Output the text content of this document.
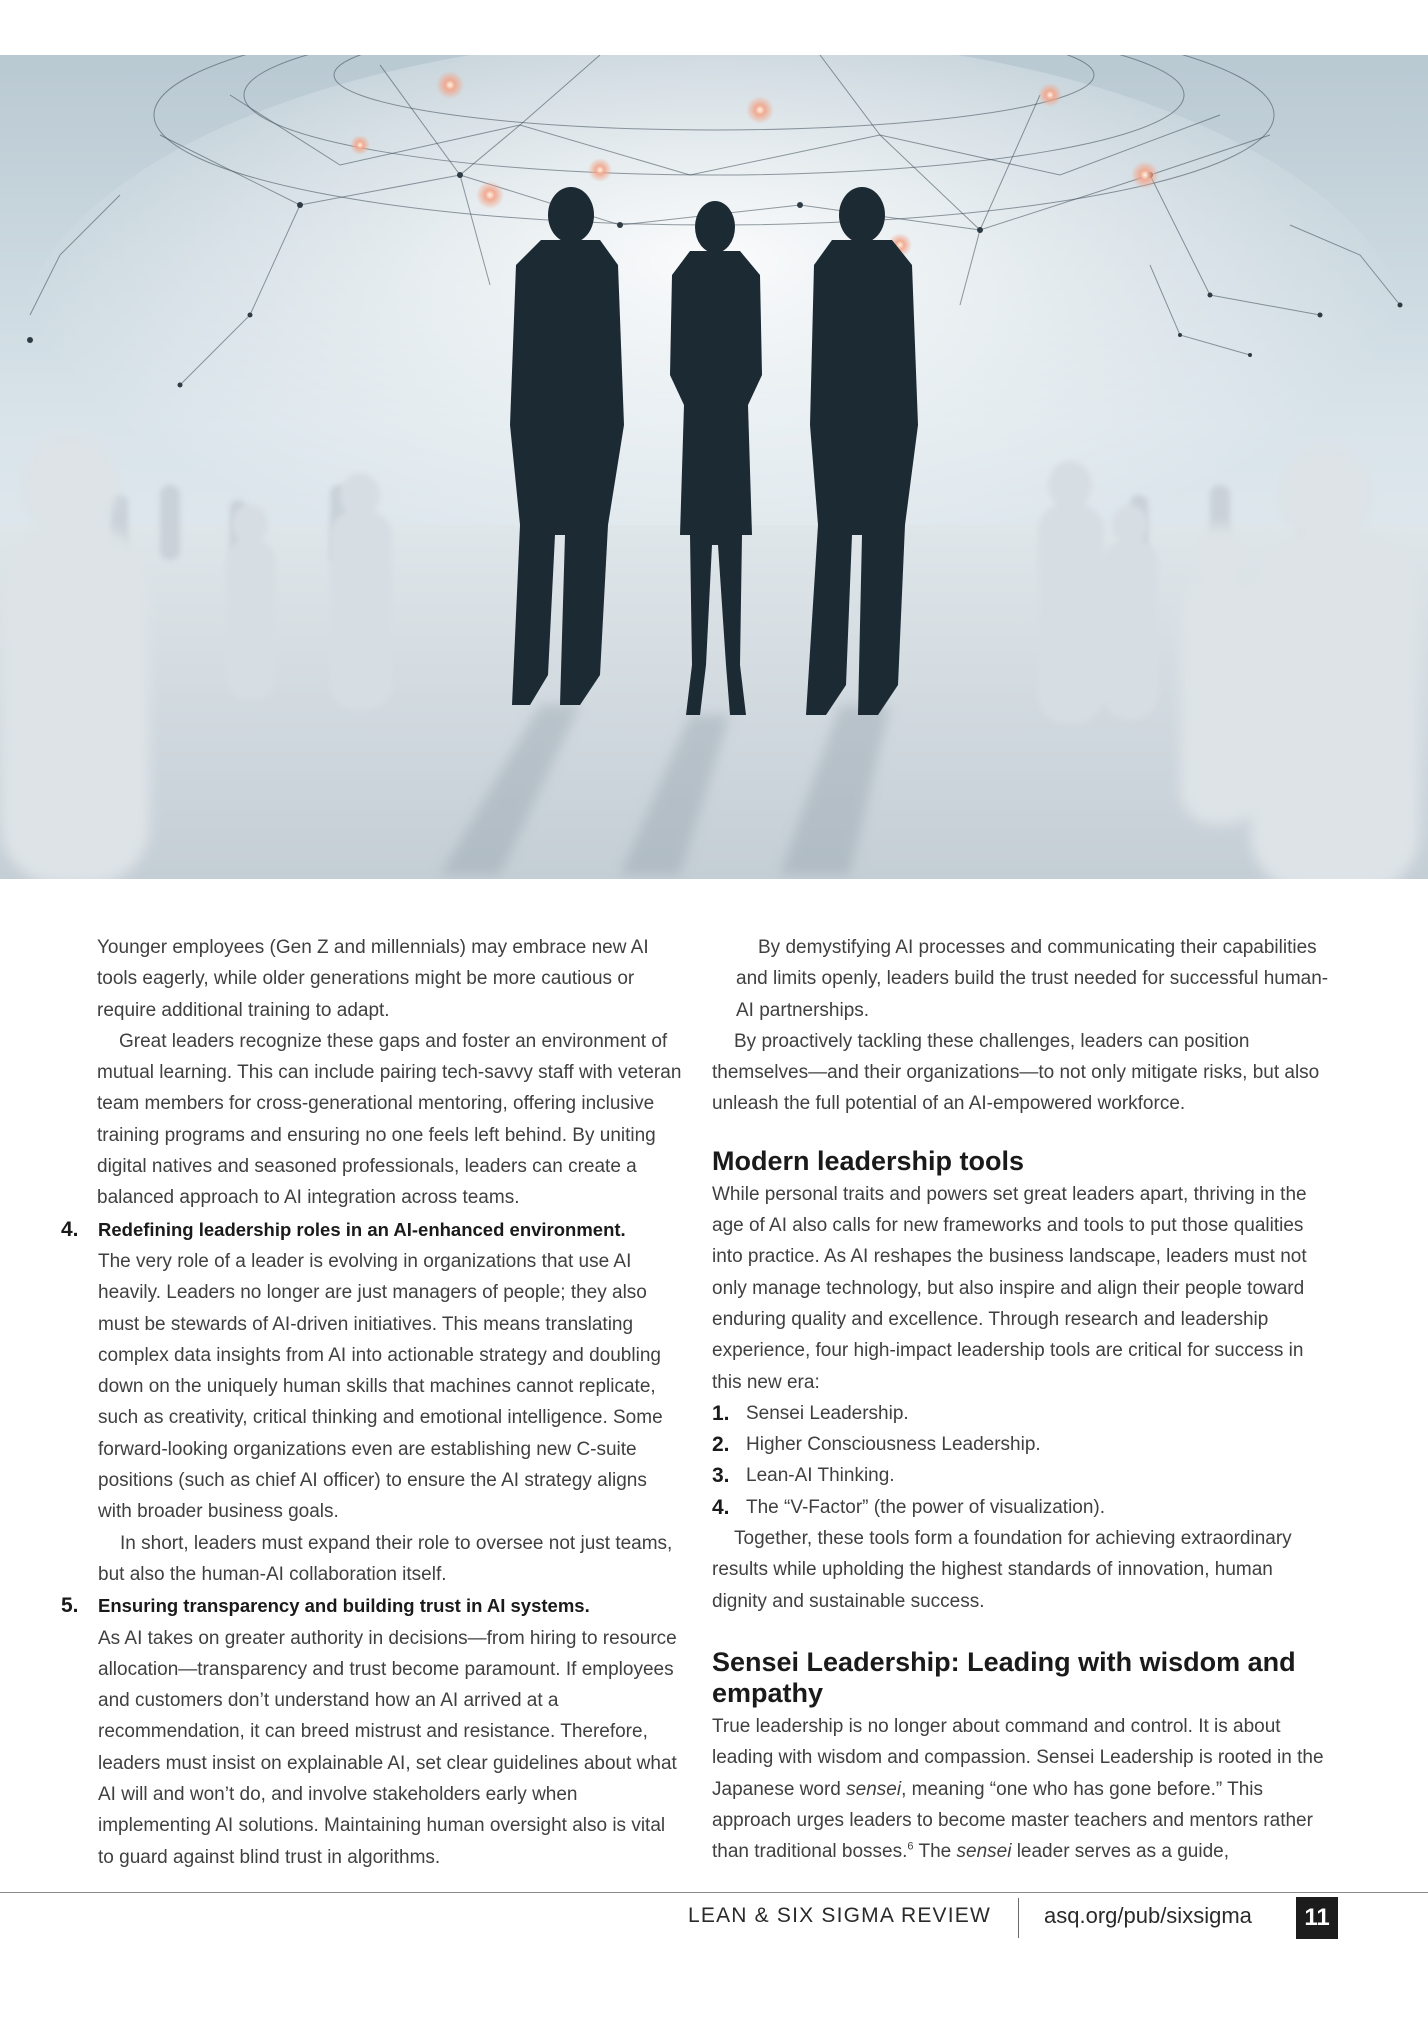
Younger employees (Gen Z and millennials) may embrace new AI tools eagerly, while older generations might be more cautious or require additional training to adapt.

Great leaders recognize these gaps and foster an environment of mutual learning. This can include pairing tech-savvy staff with veteran team members for cross-generational mentoring, offering inclusive training programs and ensuring no one feels left behind. By uniting digital natives and seasoned professionals, leaders can create a balanced approach to AI integration across teams.

4. Redefining leadership roles in an AI-enhanced environment.

The very role of a leader is evolving in organizations that use AI heavily. Leaders no longer are just managers of people; they also must be stewards of AI-driven initiatives. This means translating complex data insights from AI into actionable strategy and doubling down on the uniquely human skills that machines cannot replicate, such as creativity, critical thinking and emotional intelligence. Some forward-looking organizations even are establishing new C-suite positions (such as chief AI officer) to ensure the AI strategy aligns with broader business goals.

In short, leaders must expand their role to oversee not just teams, but also the human-AI collaboration itself.

5. Ensuring transparency and building trust in AI systems.

As AI takes on greater authority in decisions—from hiring to resource allocation—transparency and trust become paramount. If employees and customers don’t understand how an AI arrived at a recommendation, it can breed mistrust and resistance. Therefore, leaders must insist on explainable AI, set clear guidelines about what AI will and won’t do, and involve stakeholders early when implementing AI solutions. Maintaining human oversight also is vital to guard against blind trust in algorithms.

By demystifying AI processes and communicating their capabilities and limits openly, leaders build the trust needed for successful human-AI partnerships.

By proactively tackling these challenges, leaders can position themselves—and their organizations—to not only mitigate risks, but also unleash the full potential of an AI-empowered workforce.

Modern leadership tools

While personal traits and powers set great leaders apart, thriving in the age of AI also calls for new frameworks and tools to put those qualities into practice. As AI reshapes the business landscape, leaders must not only manage technology, but also inspire and align their people toward enduring quality and excellence. Through research and leadership experience, four high-impact leadership tools are critical for success in this new era:

1. Sensei Leadership.
2. Higher Consciousness Leadership.
3. Lean-AI Thinking.
4. The “V-Factor” (the power of visualization).

Together, these tools form a foundation for achieving extraordinary results while upholding the highest standards of innovation, human dignity and sustainable success.

Sensei Leadership: Leading with wisdom and empathy

True leadership is no longer about command and control. It is about leading with wisdom and compassion. Sensei Leadership is rooted in the Japanese word sensei, meaning “one who has gone before.” This approach urges leaders to become master teachers and mentors rather than traditional bosses.$^6$ The sensei leader serves as a guide,

LEAN & SIX SIGMA REVIEW asq.org/pub/sixsigma	11
